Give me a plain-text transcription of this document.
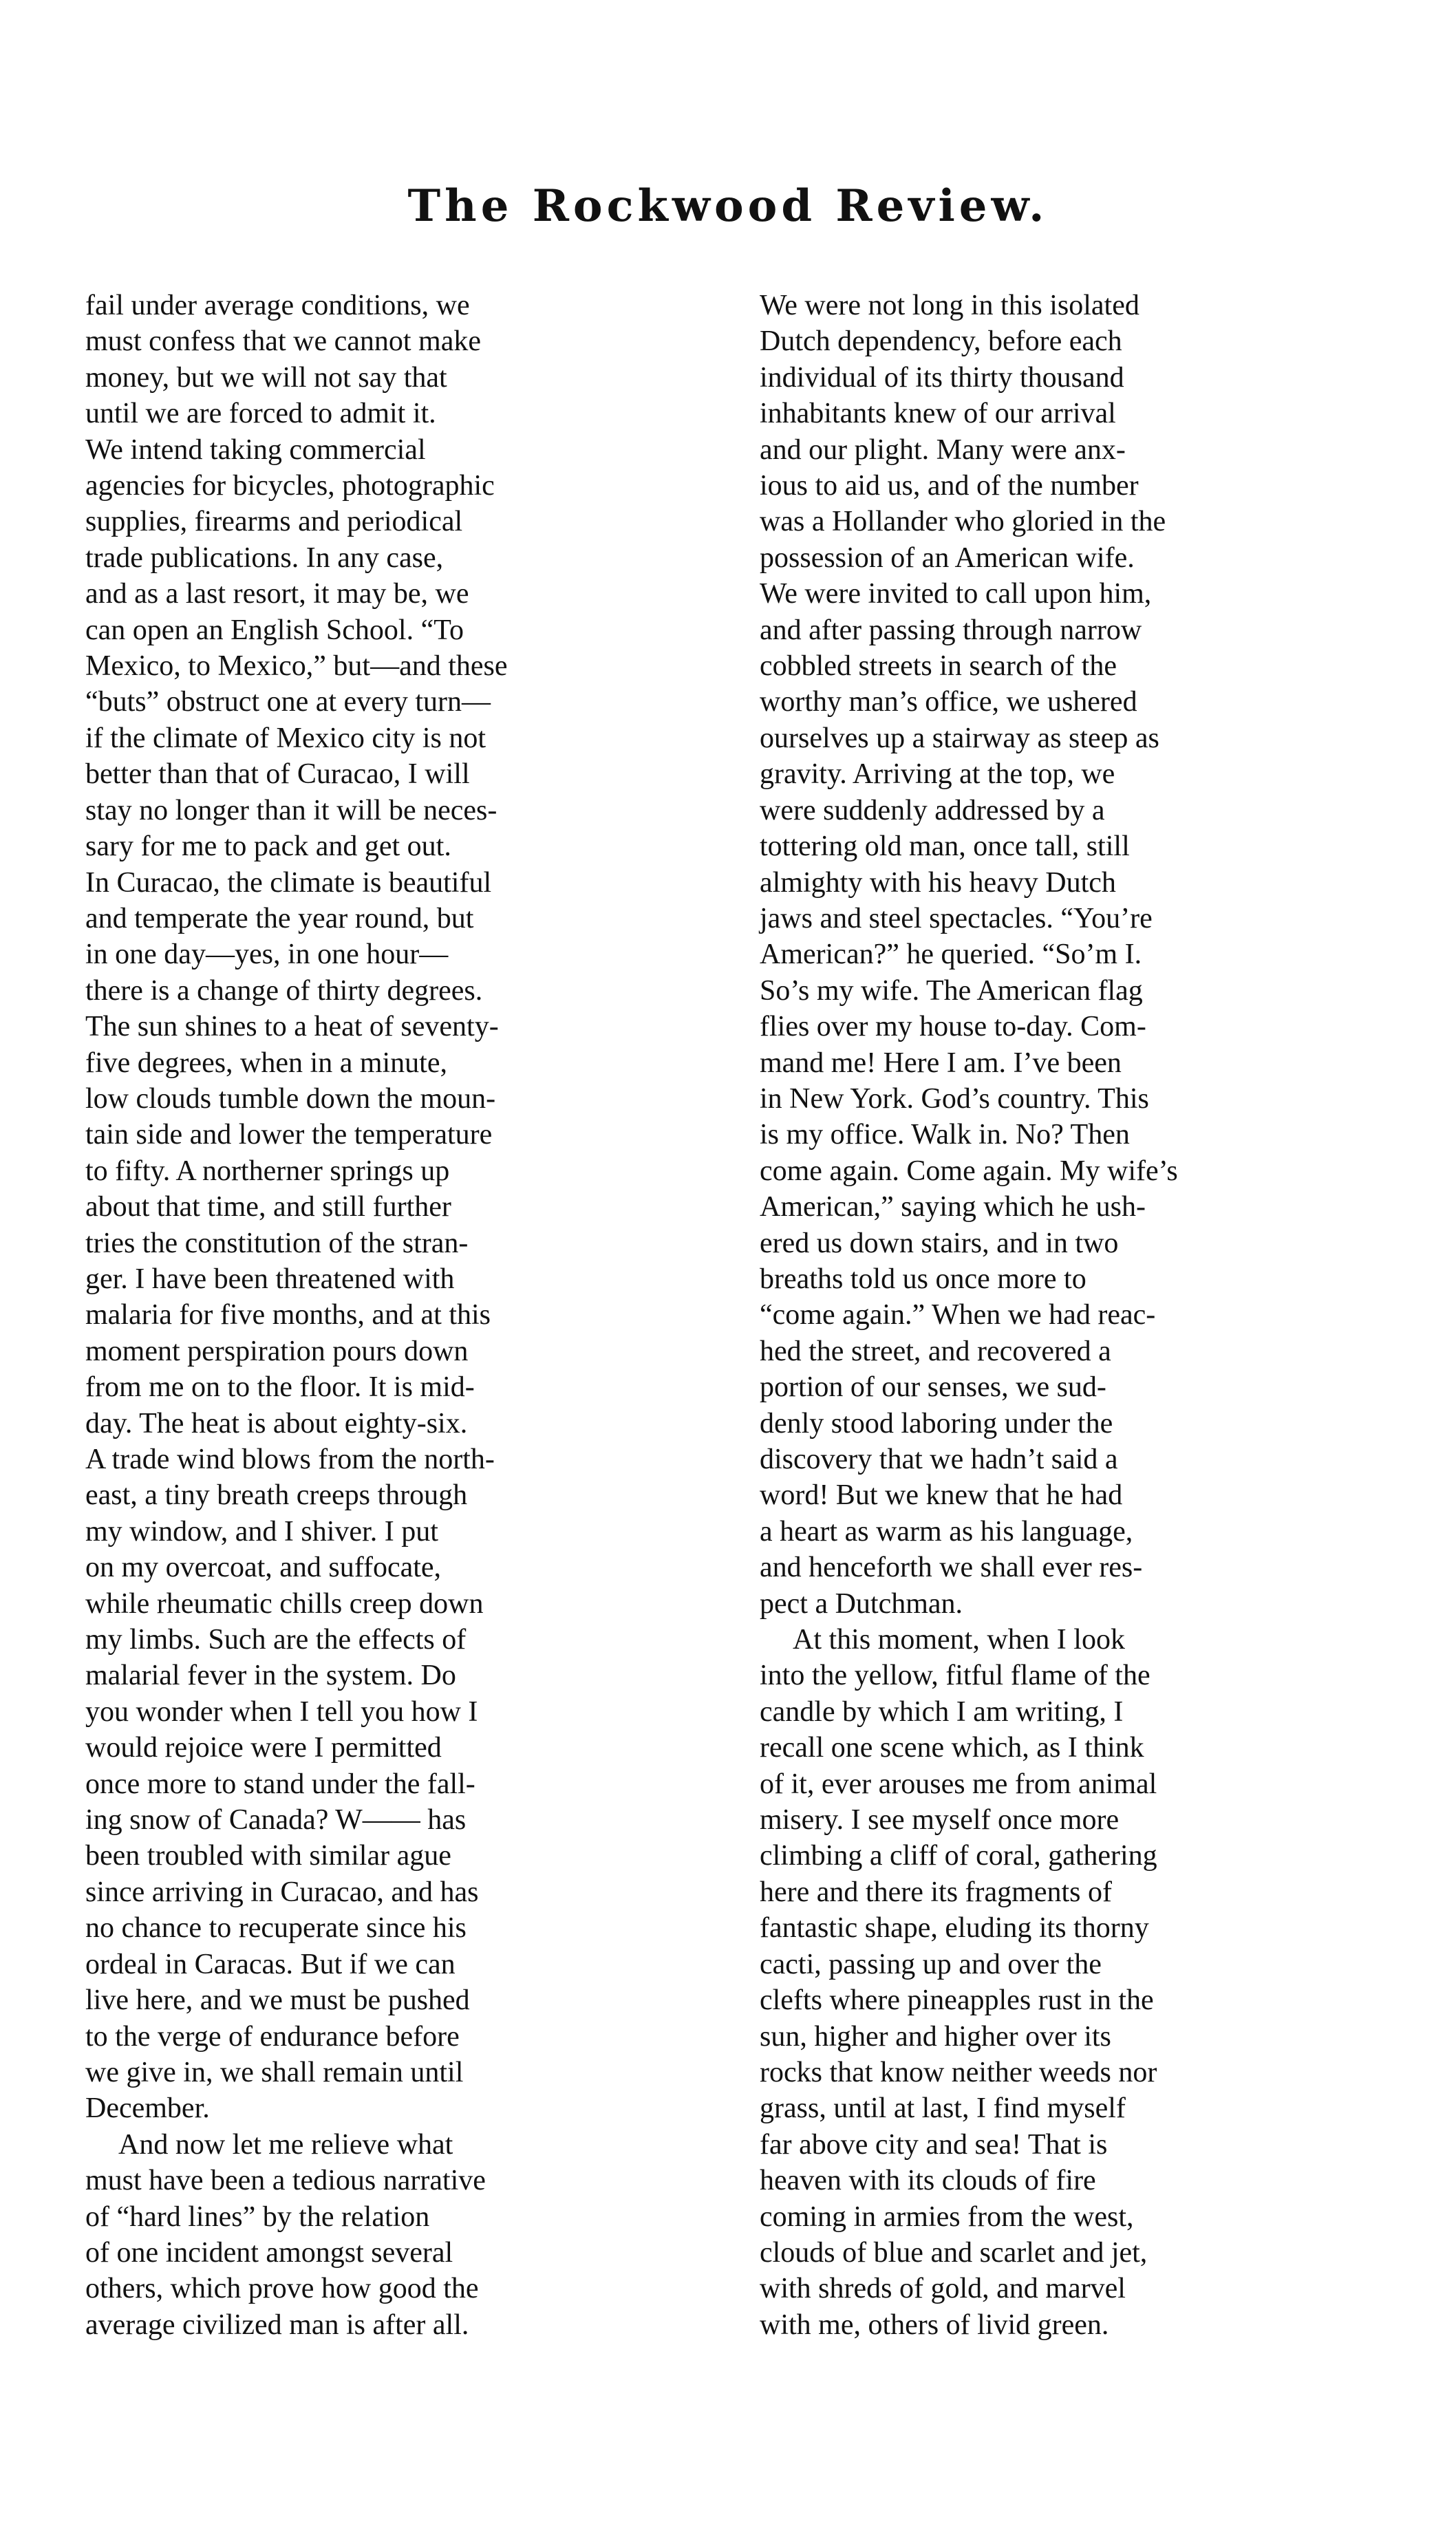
The Rockwood Review.

fail under average conditions, we

must confess that we cannot make

money, but we will not say that

until we are forced to admit it.

We intend taking commercial

agencies for bicycles, photographic

supplies, firearms and periodical

trade publications. In any case,

and as a last resort, it may be, we

can open an English School. “To

Mexico, to Mexico,” but—and these

“buts” obstruct one at every turn—

if the climate of Mexico city is not

better than that of Curacao, I will

stay no longer than it will be neces-

sary for me to pack and get out.

In Curacao, the climate is beautiful

and temperate the year round, but

in one day—yes, in one hour—

there is a change of thirty degrees.

The sun shines to a heat of seventy-

five degrees, when in a minute,

low clouds tumble down the moun-

tain side and lower the temperature

to fifty. A northerner springs up

about that time, and still further

tries the constitution of the stran-

ger. I have been threatened with

malaria for five months, and at this

moment perspiration pours down

from me on to the floor. It is mid-

day. The heat is about eighty-six.

A trade wind blows from the north-

east, a tiny breath creeps through

my window, and I shiver. I put

on my overcoat, and suffocate,

while rheumatic chills creep down

my limbs. Such are the effects of

malarial fever in the system. Do

you wonder when I tell you how I

would rejoice were I permitted

once more to stand under the fall-

ing snow of Canada? W—— has

been troubled with similar ague

since arriving in Curacao, and has

no chance to recuperate since his

ordeal in Caracas. But if we can

live here, and we must be pushed

to the verge of endurance before

we give in, we shall remain until

December.

And now let me relieve what

must have been a tedious narrative

of “hard lines” by the relation

of one incident amongst several

others, which prove how good the

average civilized man is after all.

We were not long in this isolated

Dutch dependency, before each

individual of its thirty thousand

inhabitants knew of our arrival

and our plight. Many were anx-

ious to aid us, and of the number

was a Hollander who gloried in the

possession of an American wife.

We were invited to call upon him,

and after passing through narrow

cobbled streets in search of the

worthy man’s office, we ushered

ourselves up a stairway as steep as

gravity. Arriving at the top, we

were suddenly addressed by a

tottering old man, once tall, still

almighty with his heavy Dutch

jaws and steel spectacles. “You’re

American?” he queried. “So’m I.

So’s my wife. The American flag

flies over my house to-day. Com-

mand me! Here I am. I’ve been

in New York. God’s country. This

is my office. Walk in. No? Then

come again. Come again. My wife’s

American,” saying which he ush-

ered us down stairs, and in two

breaths told us once more to

“come again.” When we had reac-

hed the street, and recovered a

portion of our senses, we sud-

denly stood laboring under the

discovery that we hadn’t said a

word! But we knew that he had

a heart as warm as his language,

and henceforth we shall ever res-

pect a Dutchman.

At this moment, when I look

into the yellow, fitful flame of the

candle by which I am writing, I

recall one scene which, as I think

of it, ever arouses me from animal

misery. I see myself once more

climbing a cliff of coral, gathering

here and there its fragments of

fantastic shape, eluding its thorny

cacti, passing up and over the

clefts where pineapples rust in the

sun, higher and higher over its

rocks that know neither weeds nor

grass, until at last, I find myself

far above city and sea! That is

heaven with its clouds of fire

coming in armies from the west,

clouds of blue and scarlet and jet,

with shreds of gold, and marvel

with me, others of livid green.
